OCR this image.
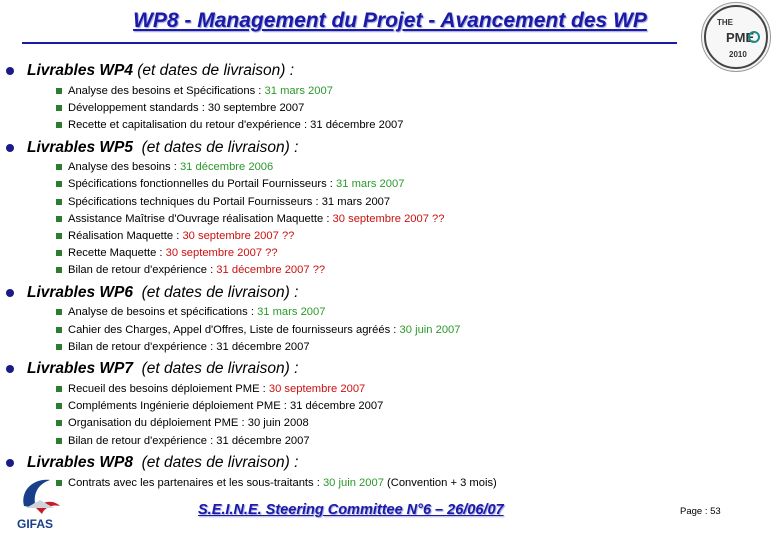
WP8 - Management du Projet - Avancement des WP	THE
PME
2010
Livrables WP4 (et dates de livraison) :
Analyse des besoins et Spécifications : 31 mars 2007
Développement standards : 30 septembre 2007
Recette et capitalisation du retour d'expérience : 31 décembre 2007
Livrables WP5  (et dates de livraison) :
Analyse des besoins : 31 décembre 2006
Spécifications fonctionnelles du Portail Fournisseurs : 31 mars 2007
Spécifications techniques du Portail Fournisseurs : 31 mars 2007
Assistance Maîtrise d'Ouvrage réalisation Maquette : 30 septembre 2007 ??
Réalisation Maquette : 30 septembre 2007 ??
Recette Maquette : 30 septembre 2007 ??
Bilan de retour d'expérience : 31 décembre 2007 ??
Livrables WP6  (et dates de livraison) :
Analyse de besoins et spécifications : 31 mars 2007
Cahier des Charges, Appel d'Offres, Liste de fournisseurs agréés : 30 juin 2007
Bilan de retour d'expérience : 31 décembre 2007
Livrables WP7  (et dates de livraison) :
Recueil des besoins déploiement PME : 30 septembre 2007
Compléments Ingénierie déploiement PME : 31 décembre 2007
Organisation du déploiement PME : 30 juin 2008
Bilan de retour d'expérience : 31 décembre 2007
Livrables WP8  (et dates de livraison) :
Contrats avec les partenaires et les sous-traitants : 30 juin 2007 (Convention + 3 mois)
GIFAS
S.E.I.N.E. Steering Committee N°6 – 26/06/07	Page : 53
